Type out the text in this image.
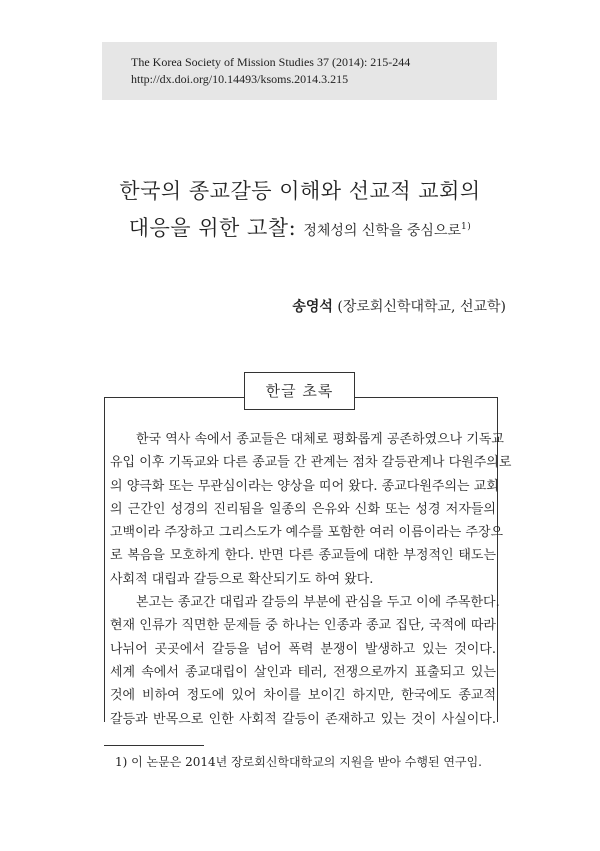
The Korea Society of Mission Studies 37 (2014): 215-244
http://dx.doi.org/10.14493/ksoms.2014.3.215
한국의 종교갈등 이해와 선교적 교회의
대응을 위한 고찰: 정체성의 신학을 중심으로$^{1)}$
송영석 (장로회신학대학교, 선교학)
한글 초록
한국 역사 속에서 종교들은 대체로 평화롭게 공존하였으나 기독교
유입 이후 기독교와 다른 종교들 간 관계는 점차 갈등관계나 다원주의로
의 양극화 또는 무관심이라는 양상을 띠어 왔다. 종교다원주의는 교회
의 근간인 성경의 진리됨을 일종의 은유와 신화 또는 성경 저자들의
고백이라 주장하고 그리스도가 예수를 포함한 여러 이름이라는 주장으
로 복음을 모호하게 한다. 반면 다른 종교들에 대한 부정적인 태도는
사회적 대립과 갈등으로 확산되기도 하여 왔다.
본고는 종교간 대립과 갈등의 부분에 관심을 두고 이에 주목한다.
현재 인류가 직면한 문제들 중 하나는 인종과 종교 집단, 국적에 따라
나뉘어 곳곳에서 갈등을 넘어 폭력 분쟁이 발생하고 있는 것이다.
세계 속에서 종교대립이 살인과 테러, 전쟁으로까지 표출되고 있는
것에 비하여 정도에 있어 차이를 보이긴 하지만, 한국에도 종교적
갈등과 반목으로 인한 사회적 갈등이 존재하고 있는 것이 사실이다.
1) 이 논문은 2014년 장로회신학대학교의 지원을 받아 수행된 연구임.
